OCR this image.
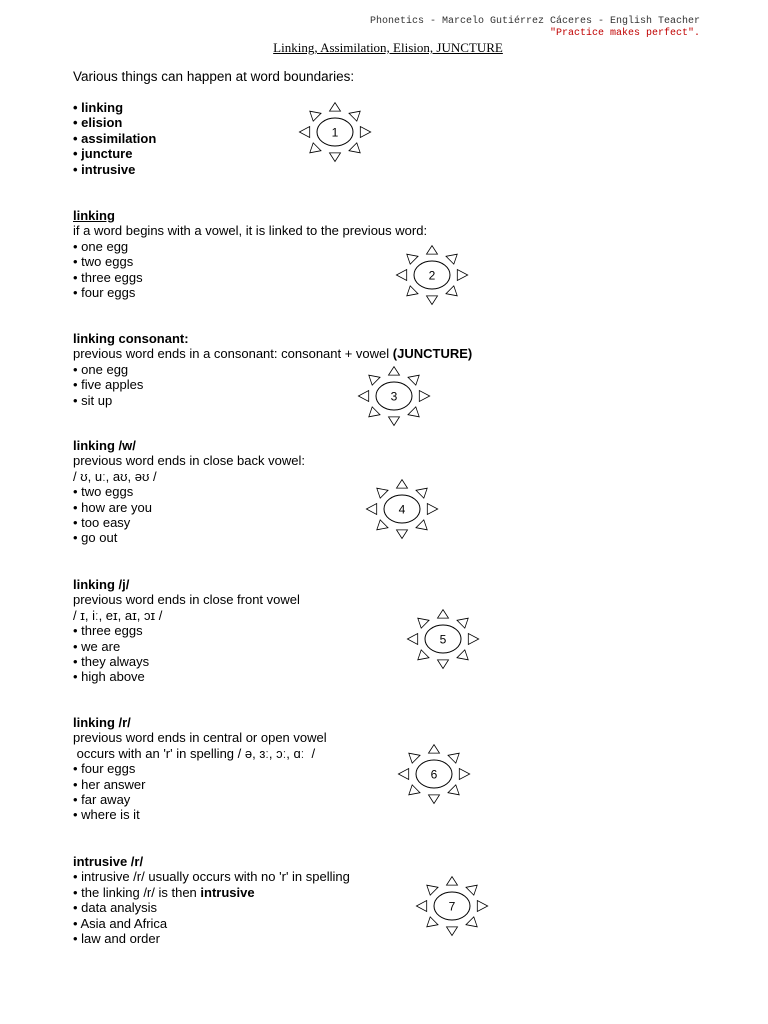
Phonetics - Marcelo Gutiérrez Cáceres - English Teacher
"Practice makes perfect".
Linking, Assimilation, Elision, JUNCTURE
Various things can happen at word boundaries:
• linking
• elision
• assimilation
• juncture
• intrusive
linking
if a word begins with a vowel, it is linked to the previous word:
• one egg
• two eggs
• three eggs
• four eggs
linking consonant:
previous word ends in a consonant: consonant + vowel (JUNCTURE)
• one egg
• five apples
• sit up
linking /w/
previous word ends in close back vowel:
/ ʊ, uː, aʊ, əʊ /
• two eggs
• how are you
• too easy
• go out
linking /j/
previous word ends in close front vowel
/ ɪ, iː, eɪ, aɪ, ɔɪ /
• three eggs
• we are
• they always
• high above
linking /r/
previous word ends in central or open vowel
occurs with an 'r' in spelling / ə, ɜː, ɔː, ɑː  /
• four eggs
• her answer
• far away
• where is it
intrusive /r/
• intrusive /r/ usually occurs with no 'r' in spelling
• the linking /r/ is then intrusive
• data analysis
• Asia and Africa
• law and order
1
2
3
4
5
6
7
